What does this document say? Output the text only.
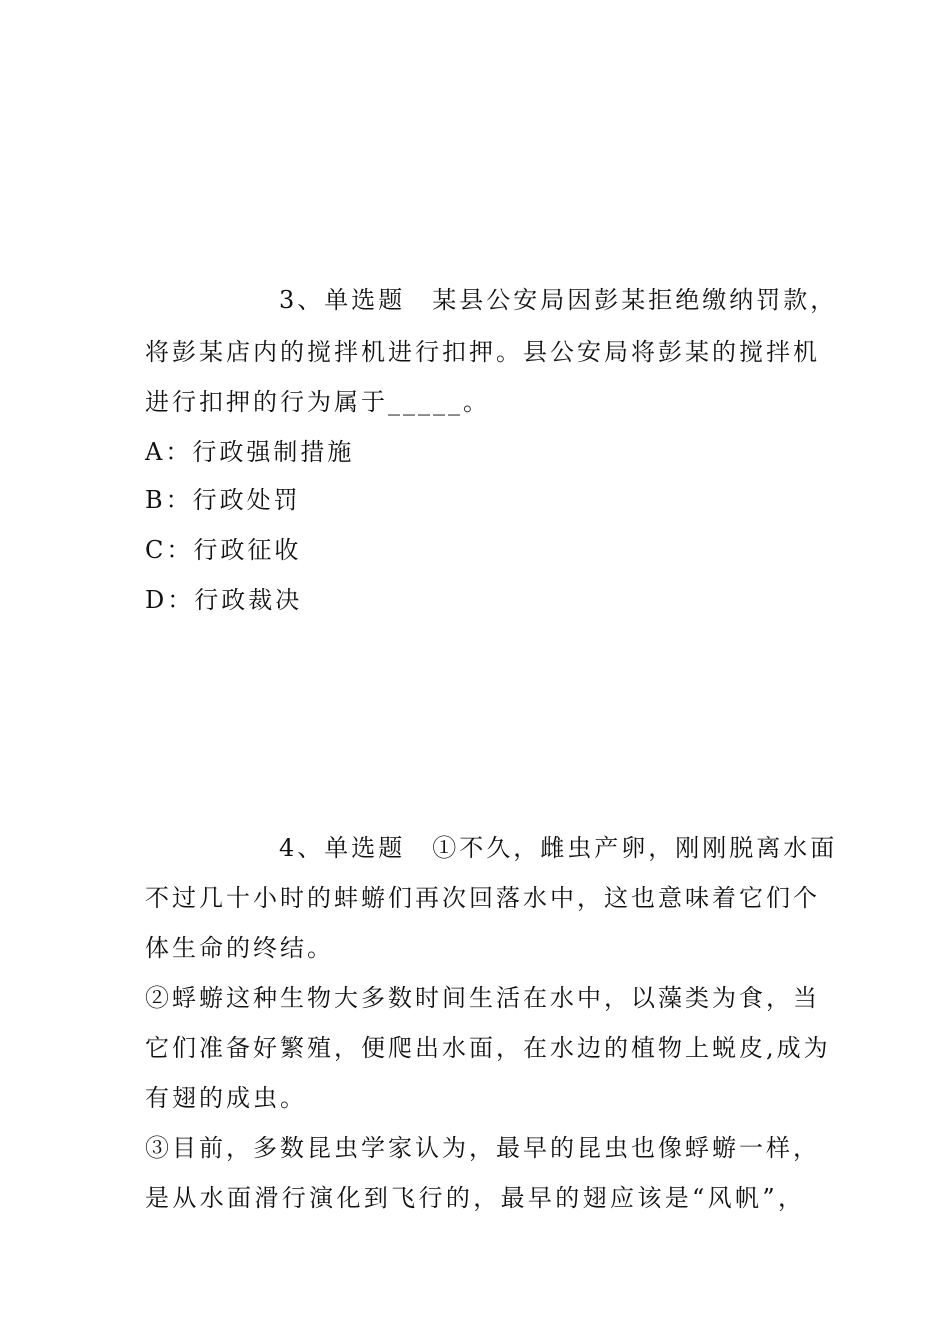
3、单选题　某县公安局因彭某拒绝缴纳罚款，
将彭某店内的搅拌机进行扣押。县公安局将彭某的搅拌机
进行扣押的行为属于_____。
A：行政强制措施
B：行政处罚
C：行政征收
D：行政裁决
4、单选题　①不久，雌虫产卵，刚刚脱离水面
不过几十小时的蚌蝣们再次回落水中，这也意味着它们个
体生命的终结。
②蜉蝣这种生物大多数时间生活在水中，以藻类为食，当
它们准备好繁殖，便爬出水面，在水边的植物上蜕皮,成为
有翅的成虫。
③目前，多数昆虫学家认为，最早的昆虫也像蜉蝣一样，
是从水面滑行演化到飞行的，最早的翅应该是“风帆”，
